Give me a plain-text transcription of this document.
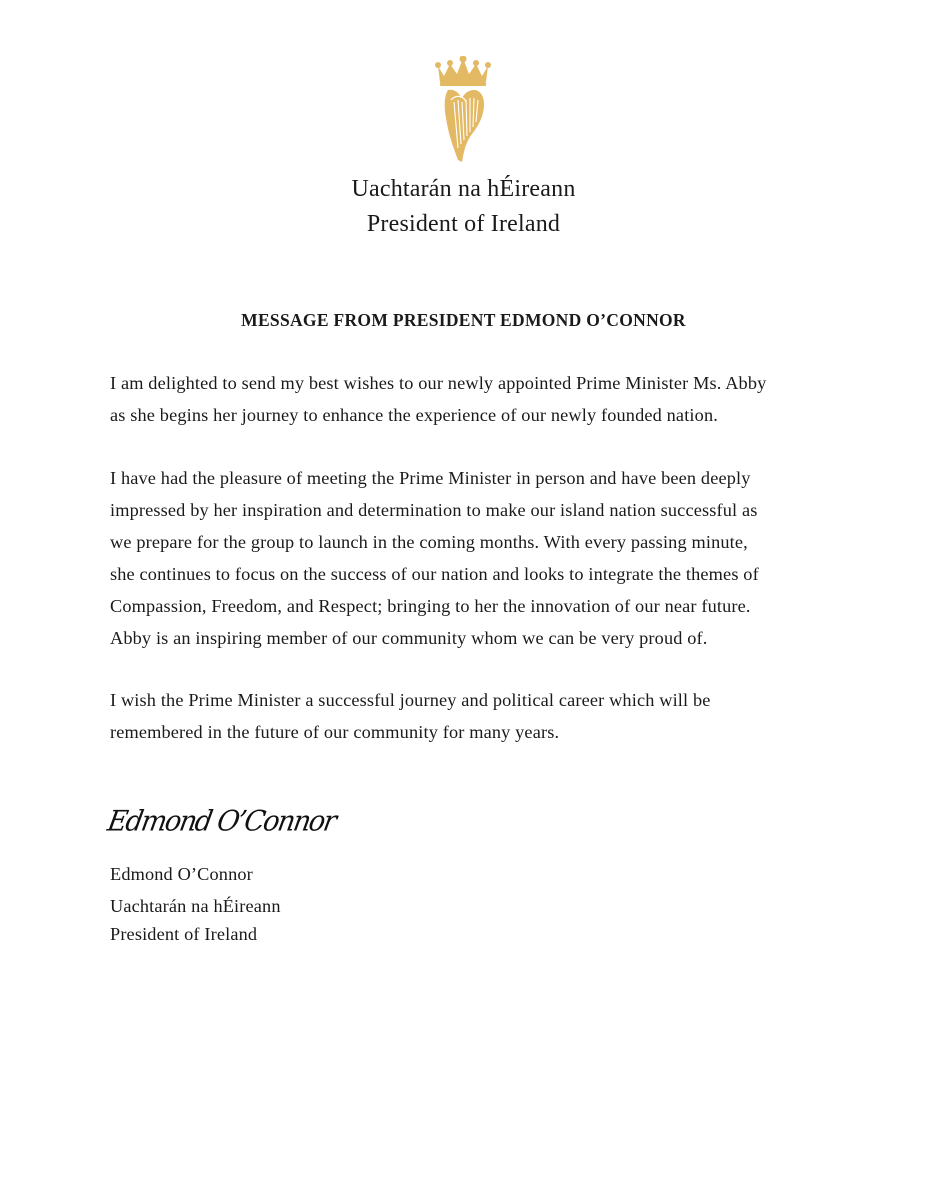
Uachtarán na hÉireann
President of Ireland
MESSAGE FROM PRESIDENT EDMOND O’CONNOR

I am delighted to send my best wishes to our newly appointed Prime Minister Ms. Abby
as she begins her journey to enhance the experience of our newly founded nation.

I have had the pleasure of meeting the Prime Minister in person and have been deeply
impressed by her inspiration and determination to make our island nation successful as
we prepare for the group to launch in the coming months. With every passing minute,
she continues to focus on the success of our nation and looks to integrate the themes of
Compassion, Freedom, and Respect; bringing to her the innovation of our near future.
Abby is an inspiring member of our community whom we can be very proud of.

I wish the Prime Minister a successful journey and political career which will be
remembered in the future of our community for many years.

Edmond O’Connor
Edmond O’Connor
Uachtarán na hÉireann
President of Ireland
